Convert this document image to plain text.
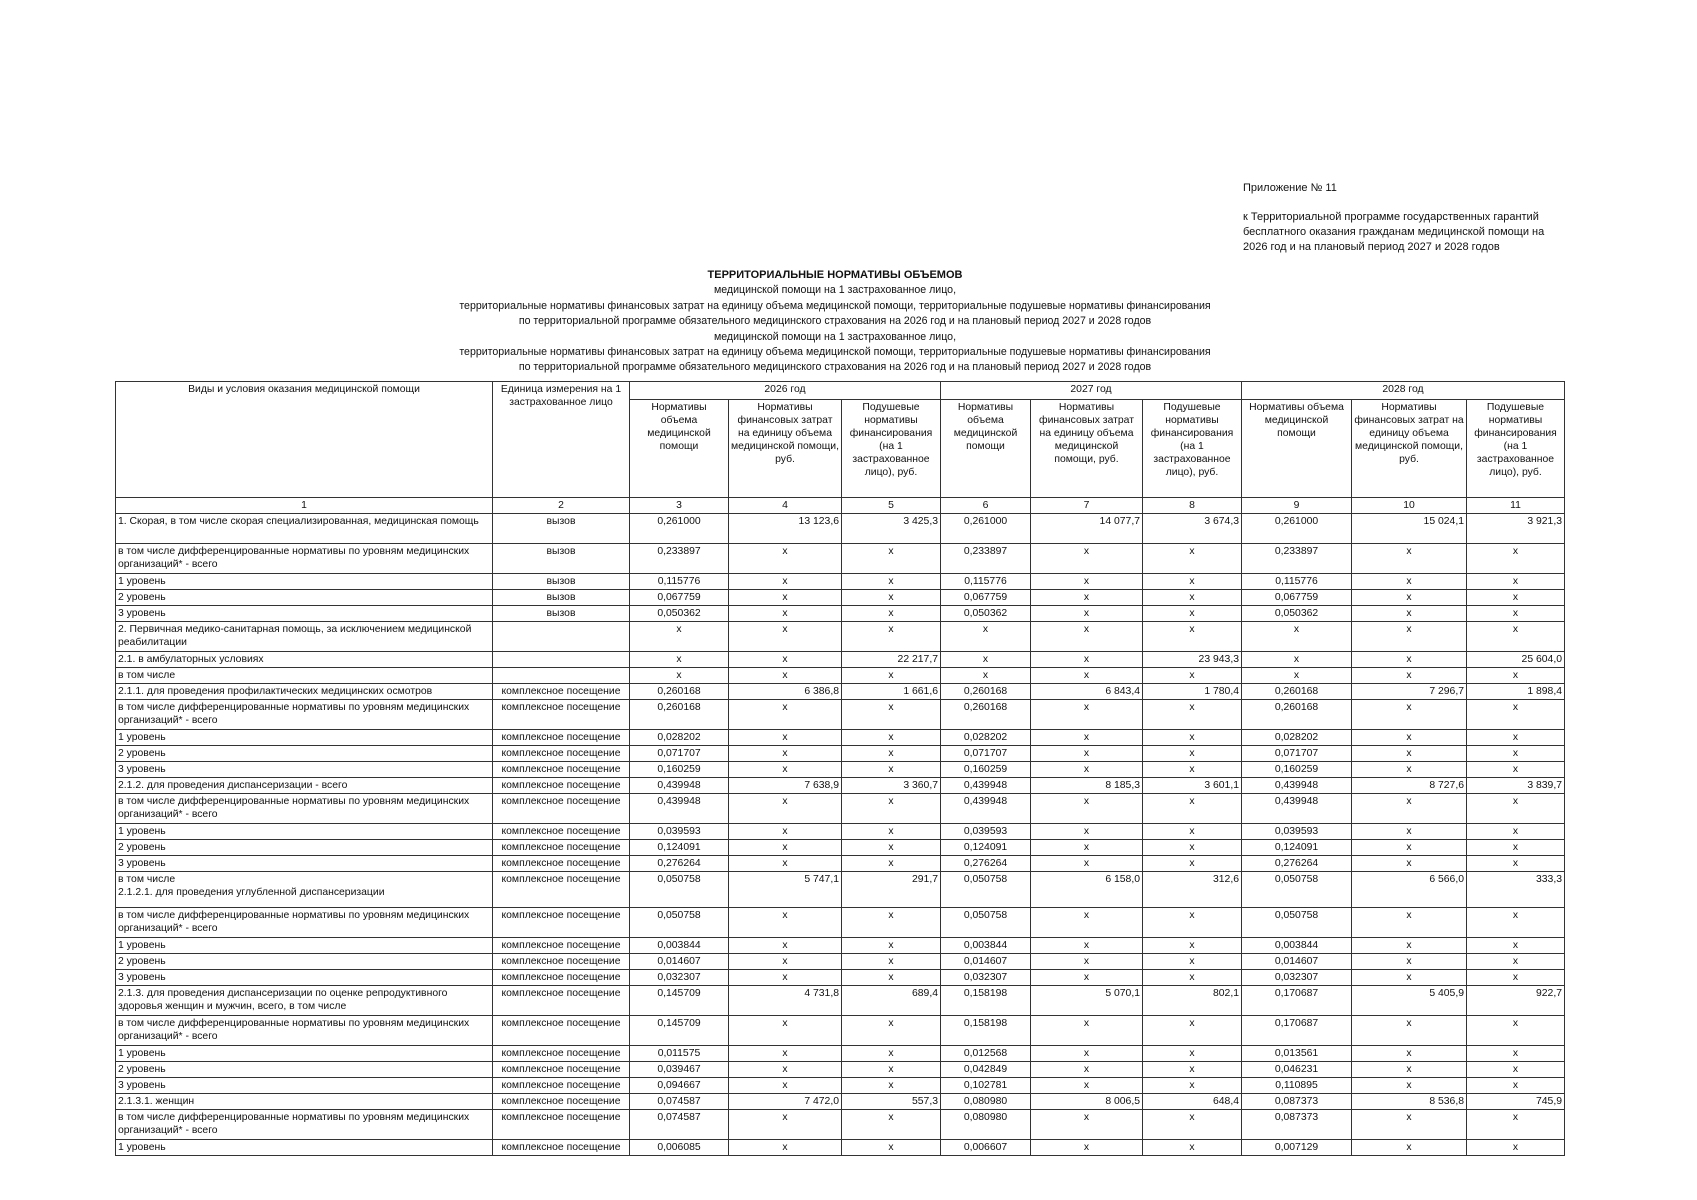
Приложение № 11
к Территориальной программе государственных гарантий
бесплатного оказания гражданам медицинской помощи на
2026 год и на плановый период 2027 и 2028 годов
ТЕРРИТОРИАЛЬНЫЕ НОРМАТИВЫ ОБЪЕМОВ
медицинской помощи на 1 застрахованное лицо,
территориальные нормативы финансовых затрат на единицу объема медицинской помощи, территориальные подушевые нормативы финансирования
по территориальной программе обязательного медицинского страхования на 2026 год и на плановый период 2027 и 2028 годов
медицинской помощи на 1 застрахованное лицо,
территориальные нормативы финансовых затрат на единицу объема медицинской помощи, территориальные подушевые нормативы финансирования
по территориальной программе обязательного медицинского страхования на 2026 год и на плановый период 2027 и 2028 годов
Виды и условия оказания медицинской помощи	Единица измерения на 1 застрахованное лицо	2026 год			2027 год			2028 год		
		Нормативы объема медицинской помощи	Нормативы финансовых затрат на единицу объема медицинской помощи, руб.	Подушевые нормативы финансирования (на 1 застрахованное лицо), руб.	Нормативы объема медицинской помощи	Нормативы финансовых затрат на единицу объема медицинской помощи, руб.	Подушевые нормативы финансирования (на 1 застрахованное лицо), руб.	Нормативы объема медицинской помощи	Нормативы финансовых затрат на единицу объема медицинской помощи, руб.	Подушевые нормативы финансирования (на 1 застрахованное лицо), руб.
1	2	3	4	5	6	7	8	9	10	11
1. Скорая, в том числе скорая специализированная, медицинская помощь	вызов	0,261000	13 123,6	3 425,3	0,261000	14 077,7	3 674,3	0,261000	15 024,1	3 921,3
в том числе дифференцированные нормативы по уровням медицинских организаций* - всего	вызов	0,233897	х	х	0,233897	х	х	0,233897	х	х
1 уровень	вызов	0,115776	х	х	0,115776	х	х	0,115776	х	х
2 уровень	вызов	0,067759	х	х	0,067759	х	х	0,067759	х	х
3 уровень	вызов	0,050362	х	х	0,050362	х	х	0,050362	х	х
2. Первичная медико-санитарная помощь, за исключением медицинской реабилитации		х	х	х	х	х	х	х	х	х
2.1. в амбулаторных условиях		х	х	22 217,7	х	х	23 943,3	х	х	25 604,0
в том числе		х	х	х	х	х	х	х	х	х
2.1.1. для проведения профилактических медицинских осмотров	комплексное посещение	0,260168	6 386,8	1 661,6	0,260168	6 843,4	1 780,4	0,260168	7 296,7	1 898,4
в том числе дифференцированные нормативы по уровням медицинских организаций* - всего	комплексное посещение	0,260168	х	х	0,260168	х	х	0,260168	х	х
1 уровень	комплексное посещение	0,028202	х	х	0,028202	х	х	0,028202	х	х
2 уровень	комплексное посещение	0,071707	х	х	0,071707	х	х	0,071707	х	х
3 уровень	комплексное посещение	0,160259	х	х	0,160259	х	х	0,160259	х	х
2.1.2. для проведения диспансеризации - всего	комплексное посещение	0,439948	7 638,9	3 360,7	0,439948	8 185,3	3 601,1	0,439948	8 727,6	3 839,7
в том числе дифференцированные нормативы по уровням медицинских организаций* - всего	комплексное посещение	0,439948	х	х	0,439948	х	х	0,439948	х	х
1 уровень	комплексное посещение	0,039593	х	х	0,039593	х	х	0,039593	х	х
2 уровень	комплексное посещение	0,124091	х	х	0,124091	х	х	0,124091	х	х
3 уровень	комплексное посещение	0,276264	х	х	0,276264	х	х	0,276264	х	х
в том числе
2.1.2.1. для проведения углубленной диспансеризации	комплексное посещение	0,050758	5 747,1	291,7	0,050758	6 158,0	312,6	0,050758	6 566,0	333,3
в том числе дифференцированные нормативы по уровням медицинских организаций* - всего	комплексное посещение	0,050758	х	х	0,050758	х	х	0,050758	х	х
1 уровень	комплексное посещение	0,003844	х	х	0,003844	х	х	0,003844	х	х
2 уровень	комплексное посещение	0,014607	х	х	0,014607	х	х	0,014607	х	х
3 уровень	комплексное посещение	0,032307	х	х	0,032307	х	х	0,032307	х	х
2.1.3. для проведения диспансеризации по оценке репродуктивного здоровья женщин и мужчин, всего, в том числе	комплексное посещение	0,145709	4 731,8	689,4	0,158198	5 070,1	802,1	0,170687	5 405,9	922,7
в том числе дифференцированные нормативы по уровням медицинских организаций* - всего	комплексное посещение	0,145709	х	х	0,158198	х	х	0,170687	х	х
1 уровень	комплексное посещение	0,011575	х	х	0,012568	х	х	0,013561	х	х
2 уровень	комплексное посещение	0,039467	х	х	0,042849	х	х	0,046231	х	х
3 уровень	комплексное посещение	0,094667	х	х	0,102781	х	х	0,110895	х	х
2.1.3.1. женщин	комплексное посещение	0,074587	7 472,0	557,3	0,080980	8 006,5	648,4	0,087373	8 536,8	745,9
в том числе дифференцированные нормативы по уровням медицинских организаций* - всего	комплексное посещение	0,074587	х	х	0,080980	х	х	0,087373	х	х
1 уровень	комплексное посещение	0,006085	х	х	0,006607	х	х	0,007129	х	х
